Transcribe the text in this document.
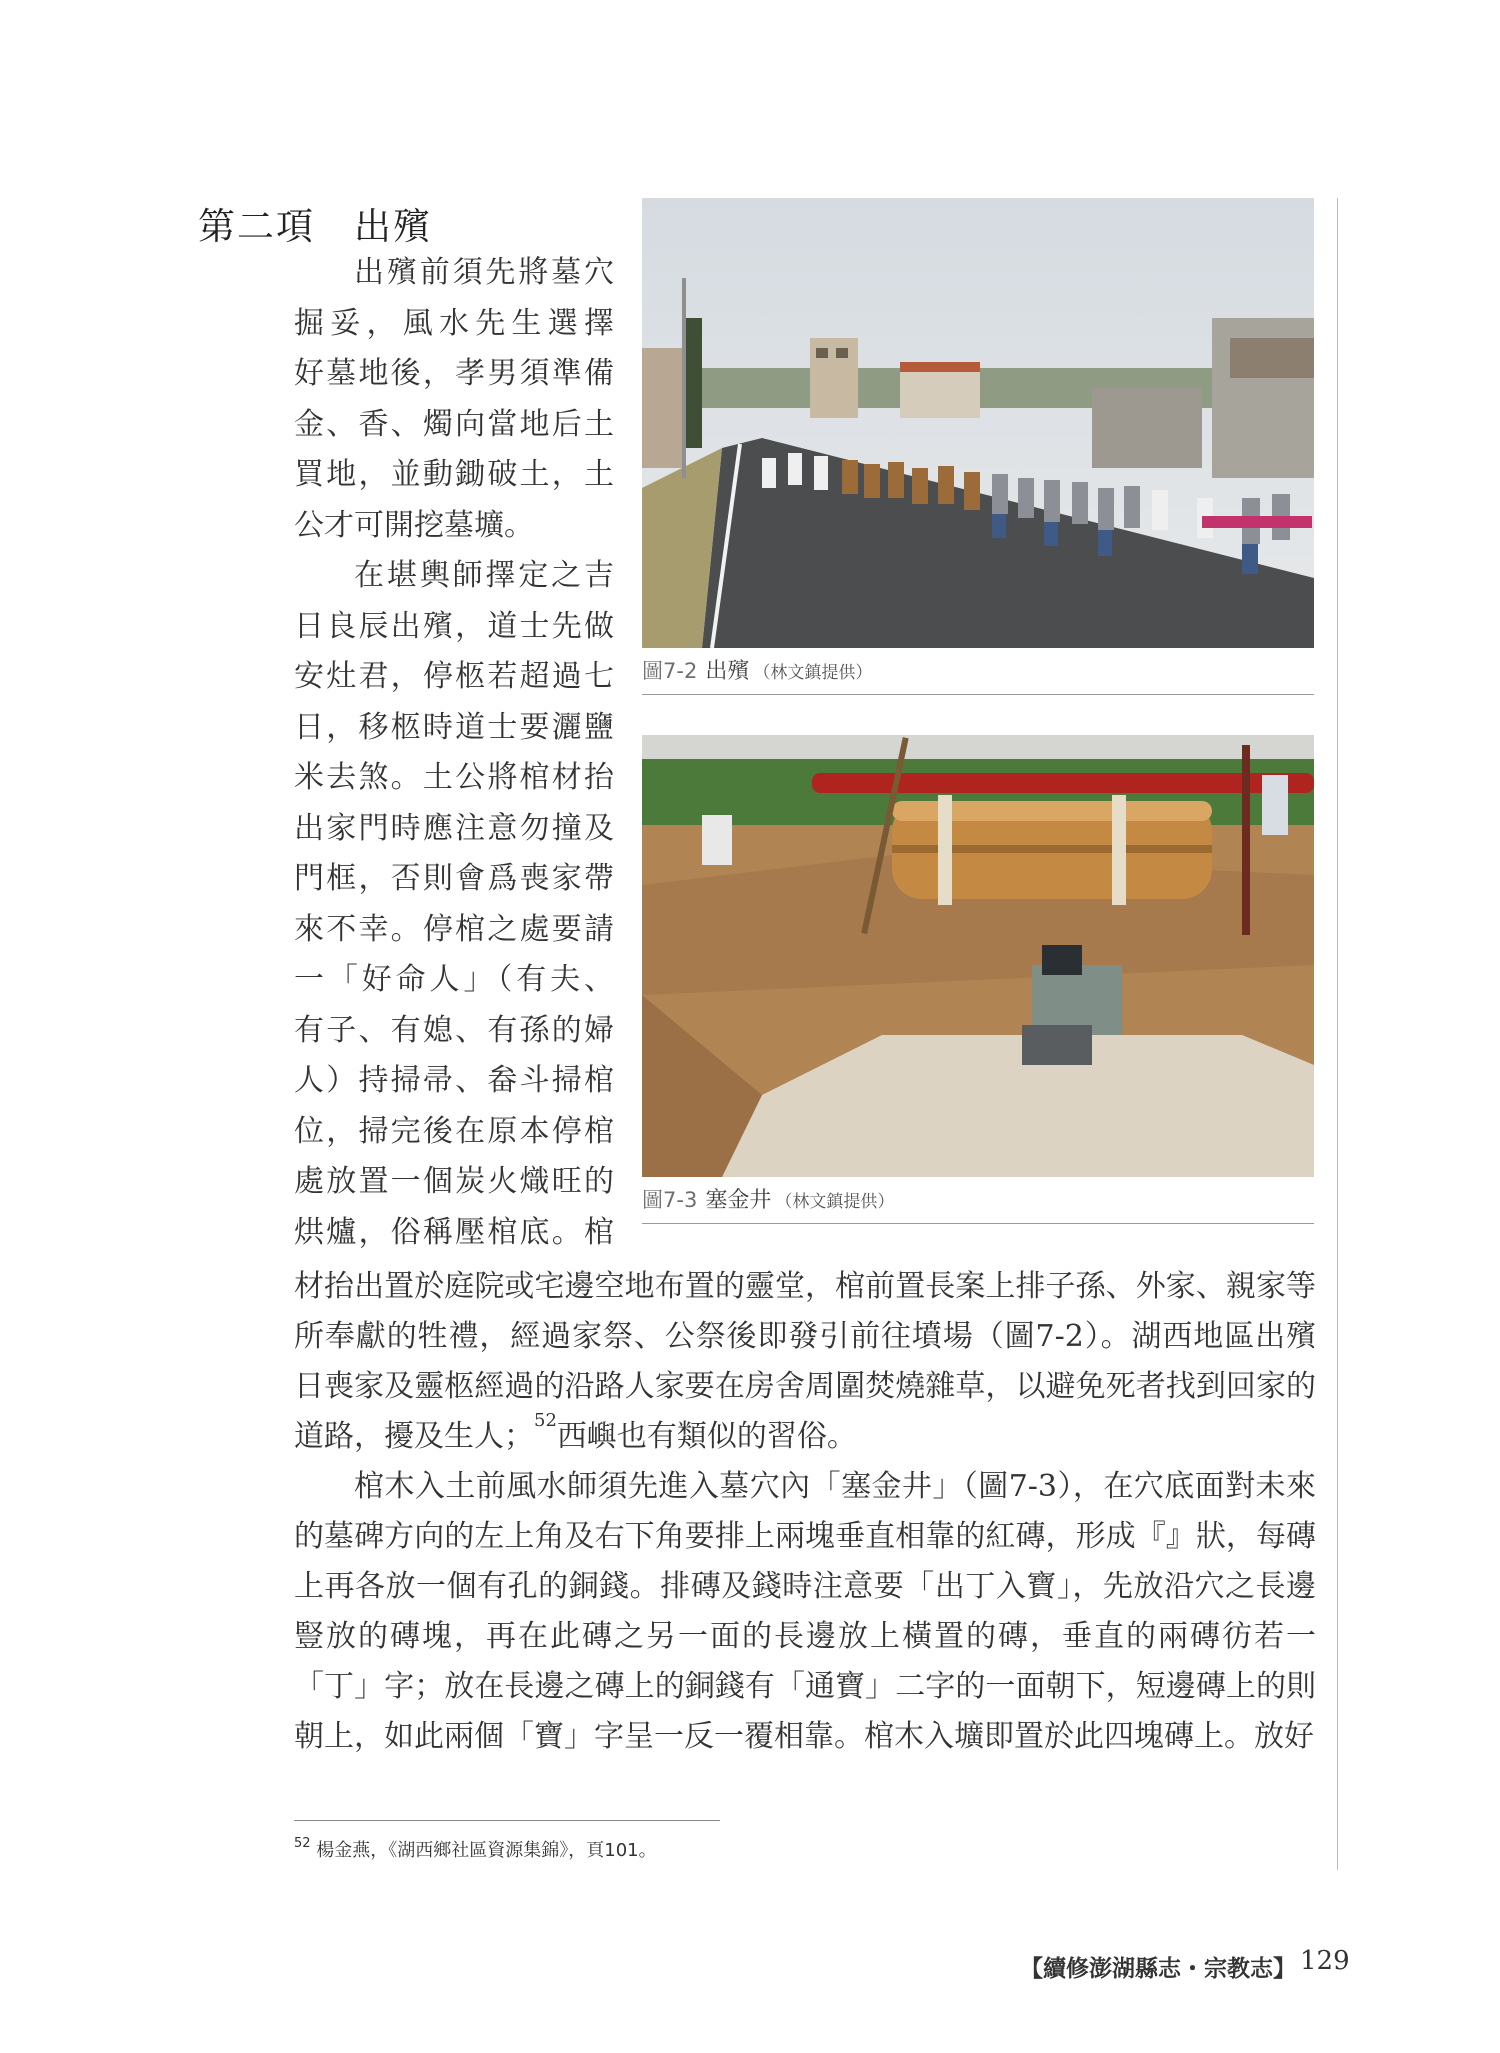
第二項　出殯

出殯前須先將墓穴

掘妥，風水先生選擇

好墓地後，孝男須準備

金、香、燭向當地后土

買地，並動鋤破土，土

公才可開挖墓壙。

在堪輿師擇定之吉

日良辰出殯，道士先做

安灶君，停柩若超過七

日，移柩時道士要灑鹽

米去煞。土公將棺材抬

出家門時應注意勿撞及

門框，否則會爲喪家帶

來不幸。停棺之處要請

一「好命人」（有夫、

有子、有媳、有孫的婦

人）持掃帚、畚斗掃棺

位，掃完後在原本停棺

處放置一個炭火熾旺的

烘爐，俗稱壓棺底。棺

圖7-2 出殯 （林文鎮提供）
圖7-3 塞金井 （林文鎮提供）

材抬出置於庭院或宅邊空地布置的靈堂，棺前置長案上排子孫、外家、親家等所奉獻的牲禮，經過家祭、公祭後即發引前往墳場（圖7-2）。湖西地區出殯日喪家及靈柩經過的沿路人家要在房舍周圍焚燒雜草，以避免死者找到回家的道路，擾及生人；$^{52}$西嶼也有類似的習俗。

棺木入土前風水師須先進入墓穴內「塞金井」（圖7-3），在穴底面對未來的墓碑方向的左上角及右下角要排上兩塊垂直相靠的紅磚，形成『』狀，每磚上再各放一個有孔的銅錢。排磚及錢時注意要「出丁入寶」，先放沿穴之長邊豎放的磚塊，再在此磚之另一面的長邊放上橫置的磚，垂直的兩磚彷若一「丁」字；放在長邊之磚上的銅錢有「通寶」二字的一面朝下，短邊磚上的則朝上，如此兩個「寶」字呈一反一覆相靠。棺木入壙即置於此四塊磚上。放好

$^{52}$ 楊金燕，《湖西鄉社區資源集錦》，頁101。
【續修澎湖縣志・宗教志】 129
